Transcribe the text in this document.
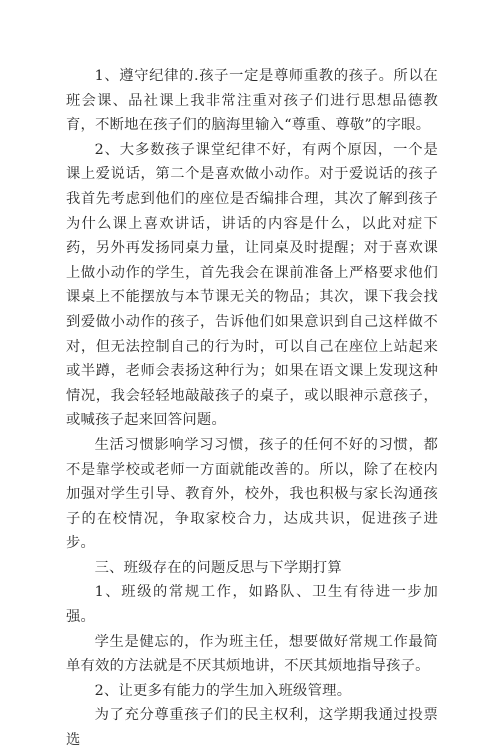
1、遵守纪律的.孩子一定是尊师重教的孩子。所以在班会课、品社课上我非常注重对孩子们进行思想品德教育，不断地在孩子们的脑海里输入“尊重、尊敬”的字眼。

2、大多数孩子课堂纪律不好，有两个原因，一个是课上爱说话，第二个是喜欢做小动作。对于爱说话的孩子我首先考虑到他们的座位是否编排合理，其次了解到孩子为什么课上喜欢讲话，讲话的内容是什么，以此对症下药，另外再发扬同桌力量，让同桌及时提醒；对于喜欢课上做小动作的学生，首先我会在课前准备上严格要求他们课桌上不能摆放与本节课无关的物品；其次，课下我会找到爱做小动作的孩子，告诉他们如果意识到自己这样做不对，但无法控制自己的行为时，可以自己在座位上站起来或半蹲，老师会表扬这种行为；如果在语文课上发现这种情况，我会轻轻地敲敲孩子的桌子，或以眼神示意孩子，或喊孩子起来回答问题。

生活习惯影响学习习惯，孩子的任何不好的习惯，都不是靠学校或老师一方面就能改善的。所以，除了在校内加强对学生引导、教育外，校外，我也积极与家长沟通孩子的在校情况，争取家校合力，达成共识，促进孩子进步。

三、班级存在的问题反思与下学期打算

1、班级的常规工作，如路队、卫生有待进一步加强。

学生是健忘的，作为班主任，想要做好常规工作最简单有效的方法就是不厌其烦地讲，不厌其烦地指导孩子。

2、让更多有能力的学生加入班级管理。

为了充分尊重孩子们的民主权利，这学期我通过投票选
